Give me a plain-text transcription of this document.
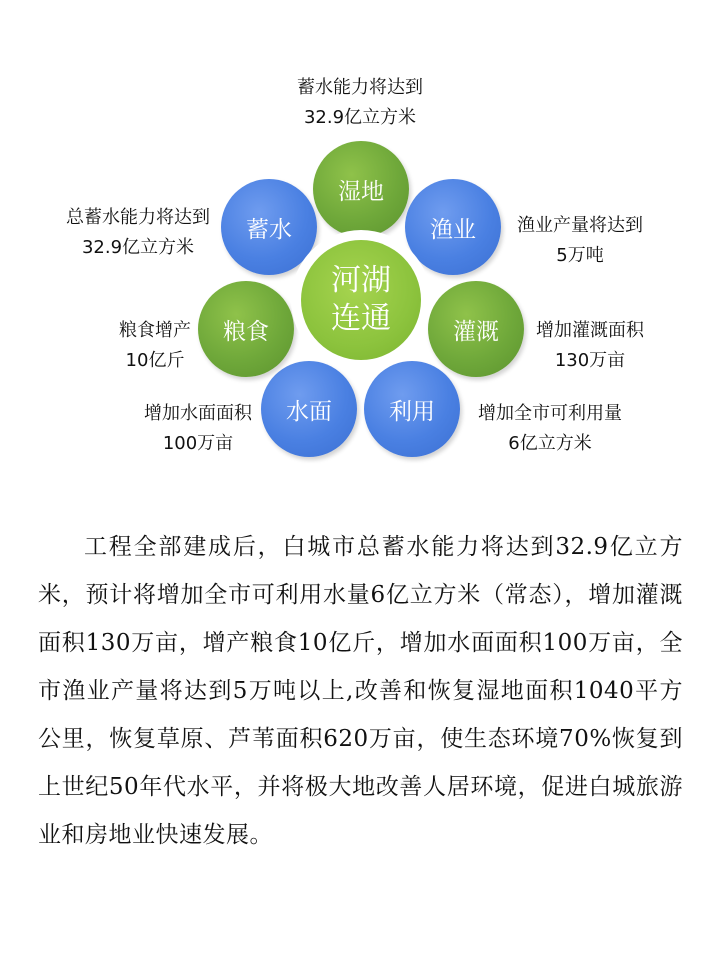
湿地
渔业
灌溉
利用
水面
粮食
蓄水
河湖
连通
蓄水能力将达到
32.9亿立方米
总蓄水能力将达到
32.9亿立方米
渔业产量将达到
5万吨
粮食增产
10亿斤
增加灌溉面积
130万亩
增加水面面积
100万亩
增加全市可利用量
6亿立方米

工程全部建成后，白城市总蓄水能力将达到32.9亿立方米，预计将增加全市可利用水量6亿立方米（常态），增加灌溉面积130万亩，增产粮食10亿斤，增加水面面积100万亩，全市渔业产量将达到5万吨以上,改善和恢复湿地面积1040平方公里，恢复草原、芦苇面积620万亩，使生态环境70%恢复到上世纪50年代水平，并将极大地改善人居环境，促进白城旅游业和房地业快速发展。
